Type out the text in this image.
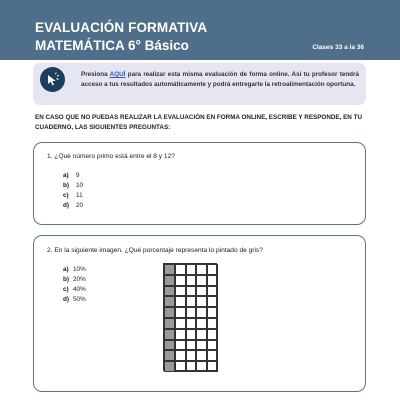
EVALUACIÓN FORMATIVA
MATEMÁTICA 6° Básico	Clases 33 a la 36
Presiona AQUÍ para realizar esta misma evaluación de forma online. Así tu profesor tendrá acceso a tus resultados automáticamente y podrá entregarte la retroalimentación oportuna.
EN CASO QUE NO PUEDAS REALIZAR LA EVALUACIÓN EN FORMA ONLINE, ESCRIBE Y RESPONDE, EN TU CUADERNO, LAS SIGUIENTES PREGUNTAS:
1. ¿Qué número primo está entre el 8 y 12?
a) 9
b) 10
c) 11
d) 20
2. En la siguiente imagen. ¿Qué porcentaje representa lo pintado de gris?
a) 10%
b) 20%
c) 40%
d) 50%
